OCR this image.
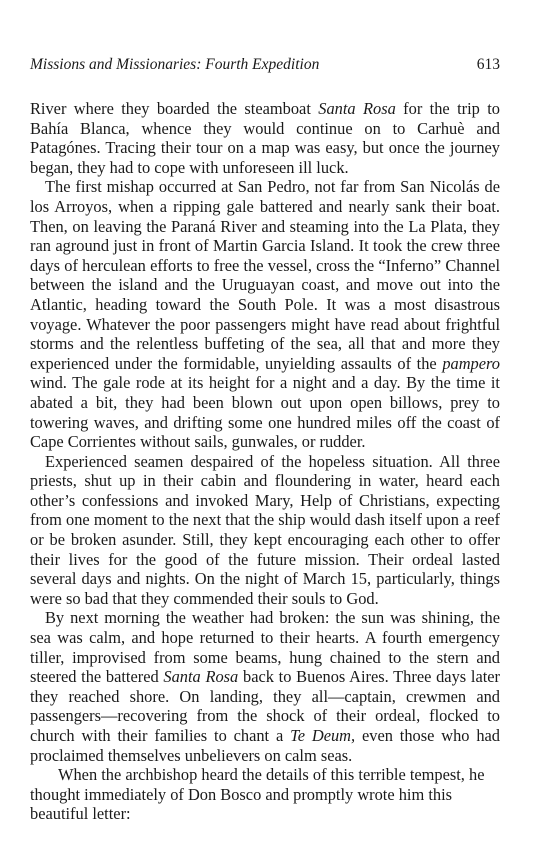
Missions and Missionaries: Fourth Expedition	613

River where they boarded the steamboat Santa Rosa for the trip to Bahía Blanca, whence they would continue on to Carhuè and Patagónes. Tracing their tour on a map was easy, but once the journey began, they had to cope with unforeseen ill luck.

The first mishap occurred at San Pedro, not far from San Nicolás de los Arroyos, when a ripping gale battered and nearly sank their boat. Then, on leaving the Paraná River and steaming into the La Plata, they ran aground just in front of Martin Garcia Island. It took the crew three days of herculean efforts to free the vessel, cross the “Inferno” Channel between the island and the Uruguayan coast, and move out into the Atlantic, heading toward the South Pole. It was a most disastrous voyage. Whatever the poor passengers might have read about frightful storms and the relentless buffeting of the sea, all that and more they experienced under the formidable, unyielding assaults of the pampero wind. The gale rode at its height for a night and a day. By the time it abated a bit, they had been blown out upon open billows, prey to towering waves, and drifting some one hundred miles off the coast of Cape Corrientes without sails, gunwales, or rudder.

Experienced seamen despaired of the hopeless situation. All three priests, shut up in their cabin and floundering in water, heard each other’s confessions and invoked Mary, Help of Christians, expecting from one moment to the next that the ship would dash itself upon a reef or be broken asunder. Still, they kept encouraging each other to offer their lives for the good of the future mission. Their ordeal lasted several days and nights. On the night of March 15, particularly, things were so bad that they commended their souls to God.

By next morning the weather had broken: the sun was shining, the sea was calm, and hope returned to their hearts. A fourth emergency tiller, improvised from some beams, hung chained to the stern and steered the battered Santa Rosa back to Buenos Aires. Three days later they reached shore. On landing, they all—captain, crewmen and passengers—recovering from the shock of their ordeal, flocked to church with their families to chant a Te Deum, even those who had proclaimed themselves unbelievers on calm seas.

When the archbishop heard the details of this terrible tempest, he thought immediately of Don Bosco and promptly wrote him this beautiful letter:
